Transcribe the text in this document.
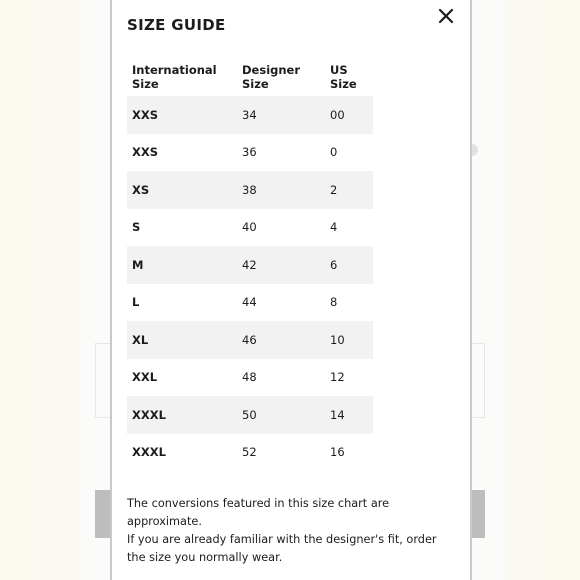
SIZE GUIDE
International Size	Designer Size	US Size
XXS	34	00
XXS	36	0
XS	38	2
S	40	4
M	42	6
L	44	8
XL	46	10
XXL	48	12
XXXL	50	14
XXXL	52	16

The conversions featured in this size chart are approximate.

If you are already familiar with the designer's fit, order the size you normally wear.
